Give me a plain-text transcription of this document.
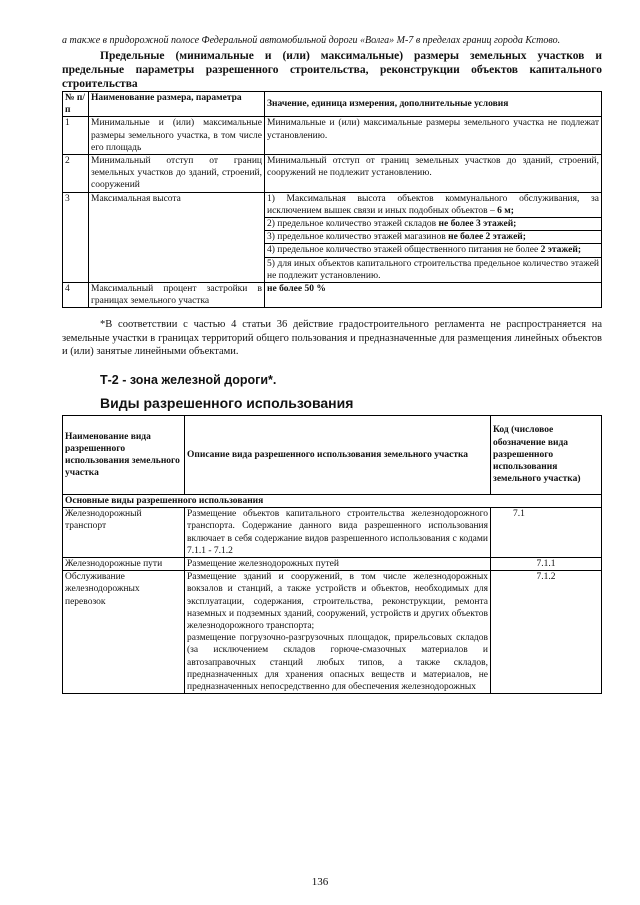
а также в придорожной полосе Федеральной автомобильной дороги «Волга» М-7 в пределах границ города Кстово.

Предельные (минимальные и (или) максимальные) размеры земельных участков и предельные параметры разрешенного строительства, реконструкции объектов капитального строительства

№ п/п	Наименование размера, параметра	Значение, единица измерения, дополнительные условия
1	Минимальные и (или) максимальные размеры земельного участка, в том числе его площадь	Минимальные и (или) максимальные размеры земельного участка не подлежат установлению.
2	Минимальный отступ от границ земельных участков до зданий, строений, сооружений	Минимальный отступ от границ земельных участков до зданий, строений, сооружений не подлежит установлению.
3	Максимальная высота	1) Максимальная высота объектов коммунального обслуживания, за исключением вышек связи и иных подобных объектов – 6 м;
2) предельное количество этажей складов не более 3 этажей;
3) предельное количество этажей магазинов не более 2 этажей;
4) предельное количество этажей общественного питания не более 2 этажей;
5) для иных объектов капитального строительства предельное количество этажей не подлежит установлению.

4	Максимальный процент застройки в границах земельного участка	не более 50 %

*В соответствии с частью 4 статьи 36 действие градостроительного регламента не распространяется на земельные участки в границах территорий общего пользования и предназначенные для размещения линейных объектов и (или) занятые линейными объектами.

Т-2 - зона железной дороги*.
Виды разрешенного использования
Наименование вида разрешенного использования земельного участка	Описание вида разрешенного использования земельного участка	Код (числовое обозначение вида разрешенного использования земельного участка)
Основные виды разрешенного использования		
Железнодорожный транспорт	Размещение объектов капитального строительства железнодорожного транспорта. Содержание данного вида разрешенного использования включает в себя содержание видов разрешенного использования с кодами 7.1.1 - 7.1.2	7.1
Железнодорожные пути	Размещение железнодорожных путей	7.1.1
Обслуживание железнодорожных перевозок	Размещение зданий и сооружений, в том числе железнодорожных вокзалов и станций, а также устройств и объектов, необходимых для эксплуатации, содержания, строительства, реконструкции, ремонта наземных и подземных зданий, сооружений, устройств и других объектов железнодорожного транспорта;
размещение погрузочно-разгрузочных площадок, прирельсовых складов (за исключением складов горюче-смазочных материалов и автозаправочных станций любых типов, а также складов, предназначенных для хранения опасных веществ и материалов, не предназначенных непосредственно для обеспечения железнодорожных	7.1.2
136
